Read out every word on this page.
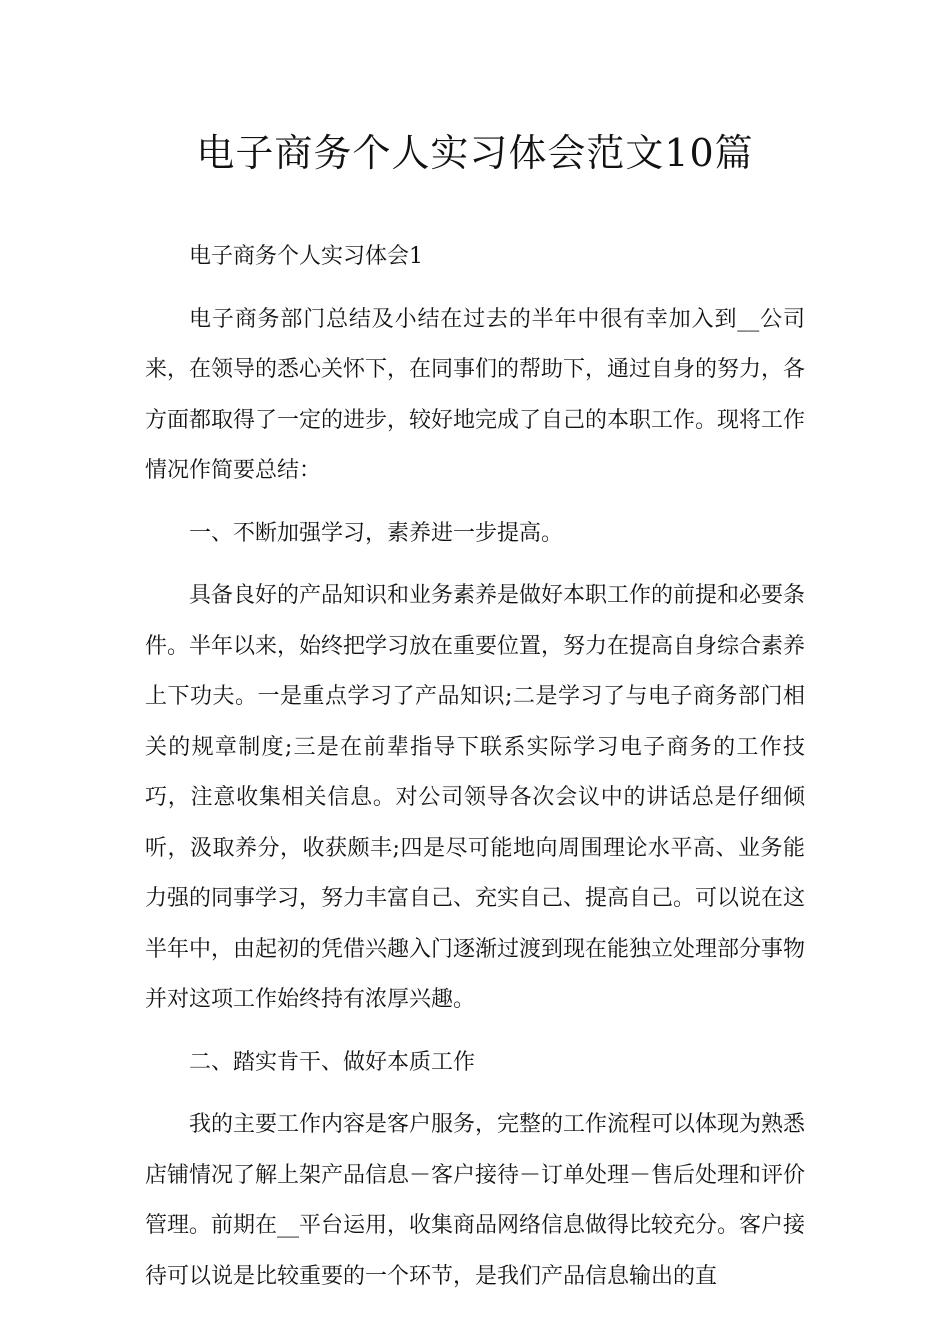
电子商务个人实习体会范文10篇

电子商务个人实习体会1

电子商务部门总结及小结在过去的半年中很有幸加入到__公司来，在领导的悉心关怀下，在同事们的帮助下，通过自身的努力，各方面都取得了一定的进步，较好地完成了自己的本职工作。现将工作情况作简要总结：

一、不断加强学习，素养进一步提高。

具备良好的产品知识和业务素养是做好本职工作的前提和必要条件。半年以来，始终把学习放在重要位置，努力在提高自身综合素养上下功夫。一是重点学习了产品知识;二是学习了与电子商务部门相关的规章制度;三是在前辈指导下联系实际学习电子商务的工作技巧，注意收集相关信息。对公司领导各次会议中的讲话总是仔细倾听，汲取养分，收获颇丰;四是尽可能地向周围理论水平高、业务能力强的同事学习，努力丰富自己、充实自己、提高自己。可以说在这半年中，由起初的凭借兴趣入门逐渐过渡到现在能独立处理部分事物并对这项工作始终持有浓厚兴趣。

二、踏实肯干、做好本质工作

我的主要工作内容是客户服务，完整的工作流程可以体现为熟悉店铺情况了解上架产品信息－客户接待－订单处理－售后处理和评价管理。前期在__平台运用，收集商品网络信息做得比较充分。客户接待可以说是比较重要的一个环节，是我们产品信息输出的直
